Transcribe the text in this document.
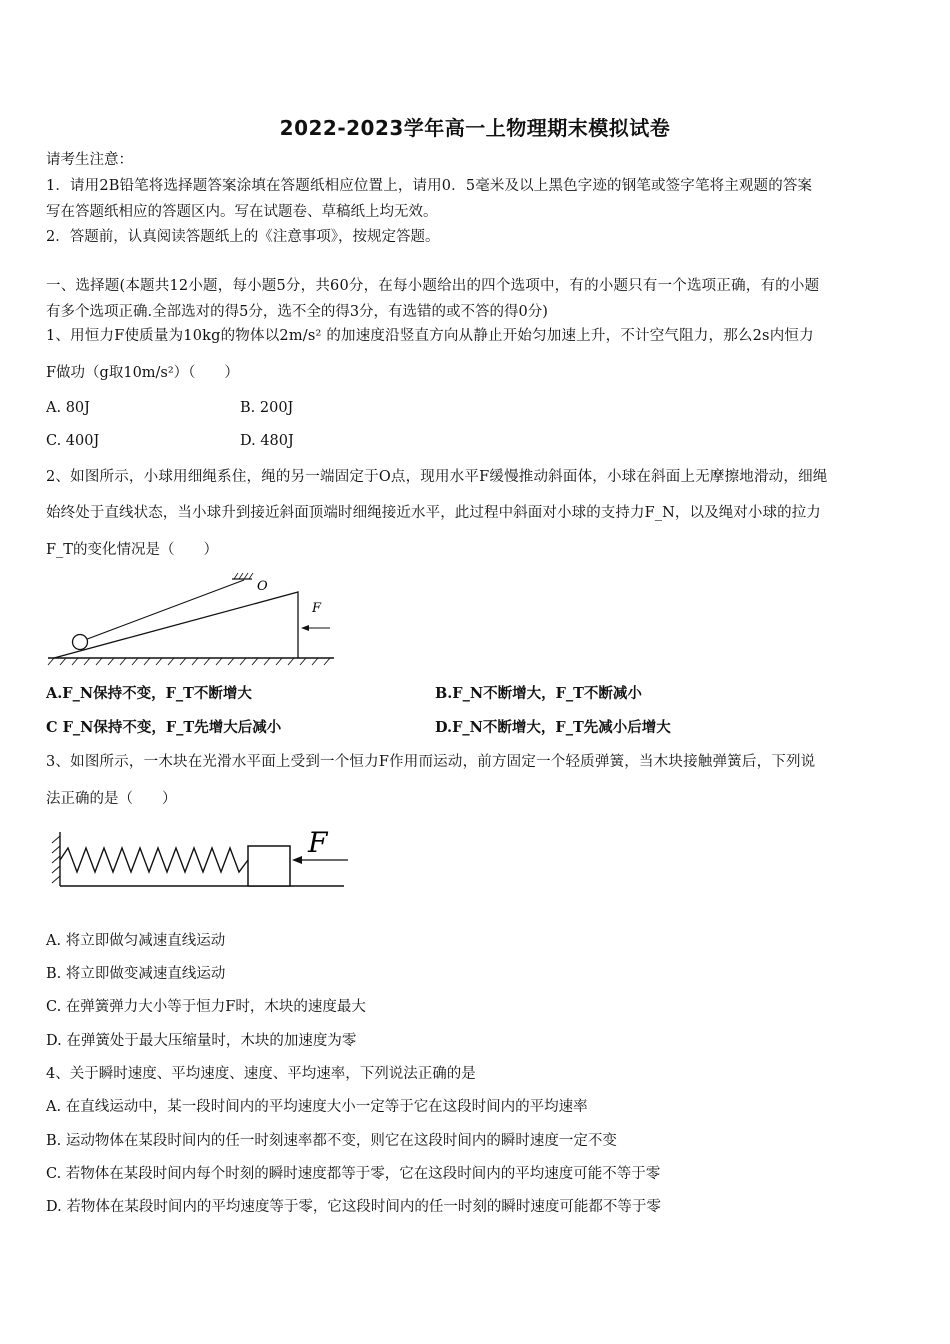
2022-2023学年高一上物理期末模拟试卷
请考生注意：
1．请用2B铅笔将选择题答案涂填在答题纸相应位置上，请用0．5毫米及以上黑色字迹的钢笔或签字笔将主观题的答案
写在答题纸相应的答题区内。写在试题卷、草稿纸上均无效。
2．答题前，认真阅读答题纸上的《注意事项》，按规定答题。
一、选择题(本题共12小题，每小题5分，共60分，在每小题给出的四个选项中，有的小题只有一个选项正确，有的小题
有多个选项正确.全部选对的得5分，选不全的得3分，有选错的或不答的得0分)
1、用恒力F使质量为10kg的物体以2m/s² 的加速度沿竖直方向从静止开始匀加速上升，不计空气阻力，那么2s内恒力
F做功（g取10m/s²）（　　）
A. 80J	B. 200J
C. 400J	D. 480J
2、如图所示，小球用细绳系住，绳的另一端固定于O点，现用水平F缓慢推动斜面体，小球在斜面上无摩擦地滑动，细绳
始终处于直线状态，当小球升到接近斜面顶端时细绳接近水平，此过程中斜面对小球的支持力F_N，以及绳对小球的拉力
F_T的变化情况是（　　）
O
F
A.F_N保持不变，F_T不断增大	B.F_N不断增大，F_T不断减小
C F_N保持不变，F_T先增大后减小	D.F_N不断增大，F_T先减小后增大
3、如图所示，一木块在光滑水平面上受到一个恒力F作用而运动，前方固定一个轻质弹簧，当木块接触弹簧后，下列说
法正确的是（　　）
F
A. 将立即做匀减速直线运动
B. 将立即做变减速直线运动
C. 在弹簧弹力大小等于恒力F时，木块的速度最大
D. 在弹簧处于最大压缩量时，木块的加速度为零
4、关于瞬时速度、平均速度、速度、平均速率，下列说法正确的是
A. 在直线运动中，某一段时间内的平均速度大小一定等于它在这段时间内的平均速率
B. 运动物体在某段时间内的任一时刻速率都不变，则它在这段时间内的瞬时速度一定不变
C. 若物体在某段时间内每个时刻的瞬时速度都等于零，它在这段时间内的平均速度可能不等于零
D. 若物体在某段时间内的平均速度等于零，它这段时间内的任一时刻的瞬时速度可能都不等于零
